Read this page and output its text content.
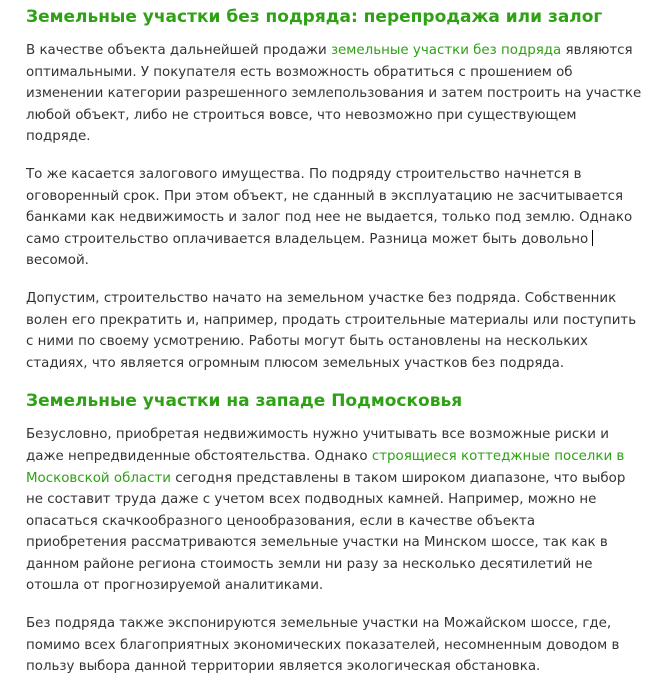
Земельные участки без подряда: перепродажа или залог

В качестве объекта дальнейшей продажи земельные участки без подряда являются
оптимальными. У покупателя есть возможность обратиться с прошением об
изменении категории разрешенного землепользования и затем построить на участке
любой объект, либо не строиться вовсе, что невозможно при существующем
подряде.

То же касается залогового имущества. По подряду строительство начнется в
оговоренный срок. При этом объект, не сданный в эксплуатацию не засчитывается
банками как недвижимость и залог под нее не выдается, только под землю. Однако
само строительство оплачивается владельцем. Разница может быть довольно
весомой.

Допустим, строительство начато на земельном участке без подряда. Собственник
волен его прекратить и, например, продать строительные материалы или поступить
с ними по своему усмотрению. Работы могут быть остановлены на нескольких
стадиях, что является огромным плюсом земельных участков без подряда.

Земельные участки на западе Подмосковья

Безусловно, приобретая недвижимость нужно учитывать все возможные риски и
даже непредвиденные обстоятельства. Однако строящиеся коттеджные поселки в
Московской области сегодня представлены в таком широком диапазоне, что выбор
не составит труда даже с учетом всех подводных камней. Например, можно не
опасаться скачкообразного ценообразования, если в качестве объекта
приобретения рассматриваются земельные участки на Минском шоссе, так как в
данном районе региона стоимость земли ни разу за несколько десятилетий не
отошла от прогнозируемой аналитиками.

Без подряда также экспонируются земельные участки на Можайском шоссе, где,
помимо всех благоприятных экономических показателей, несомненным доводом в
пользу выбора данной территории является экологическая обстановка.
